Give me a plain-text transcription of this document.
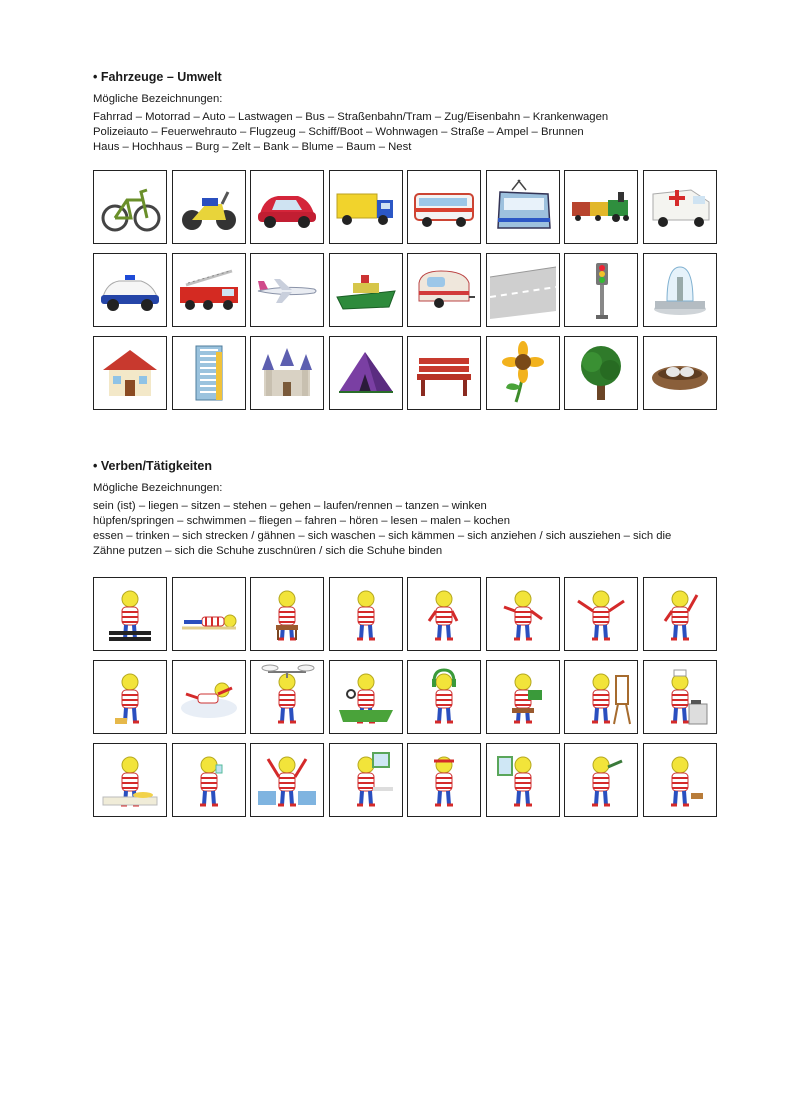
• Fahrzeuge – Umwelt
Mögliche Bezeichnungen:
Fahrrad – Motorrad – Auto – Lastwagen – Bus – Straßenbahn/Tram – Zug/Eisenbahn – Krankenwagen
Polizeiauto – Feuerwehrauto – Flugzeug – Schiff/Boot – Wohnwagen – Straße – Ampel – Brunnen
Haus – Hochhaus – Burg – Zelt – Bank – Blume – Baum – Nest
• Verben/Tätigkeiten
Mögliche Bezeichnungen:
sein (ist) – liegen – sitzen – stehen – gehen – laufen/rennen – tanzen – winken
hüpfen/springen – schwimmen – fliegen – fahren – hören – lesen – malen – kochen
essen – trinken – sich strecken / gähnen – sich waschen – sich kämmen – sich anziehen / sich ausziehen – sich die
Zähne putzen – sich die Schuhe zuschnüren / sich die Schuhe binden
